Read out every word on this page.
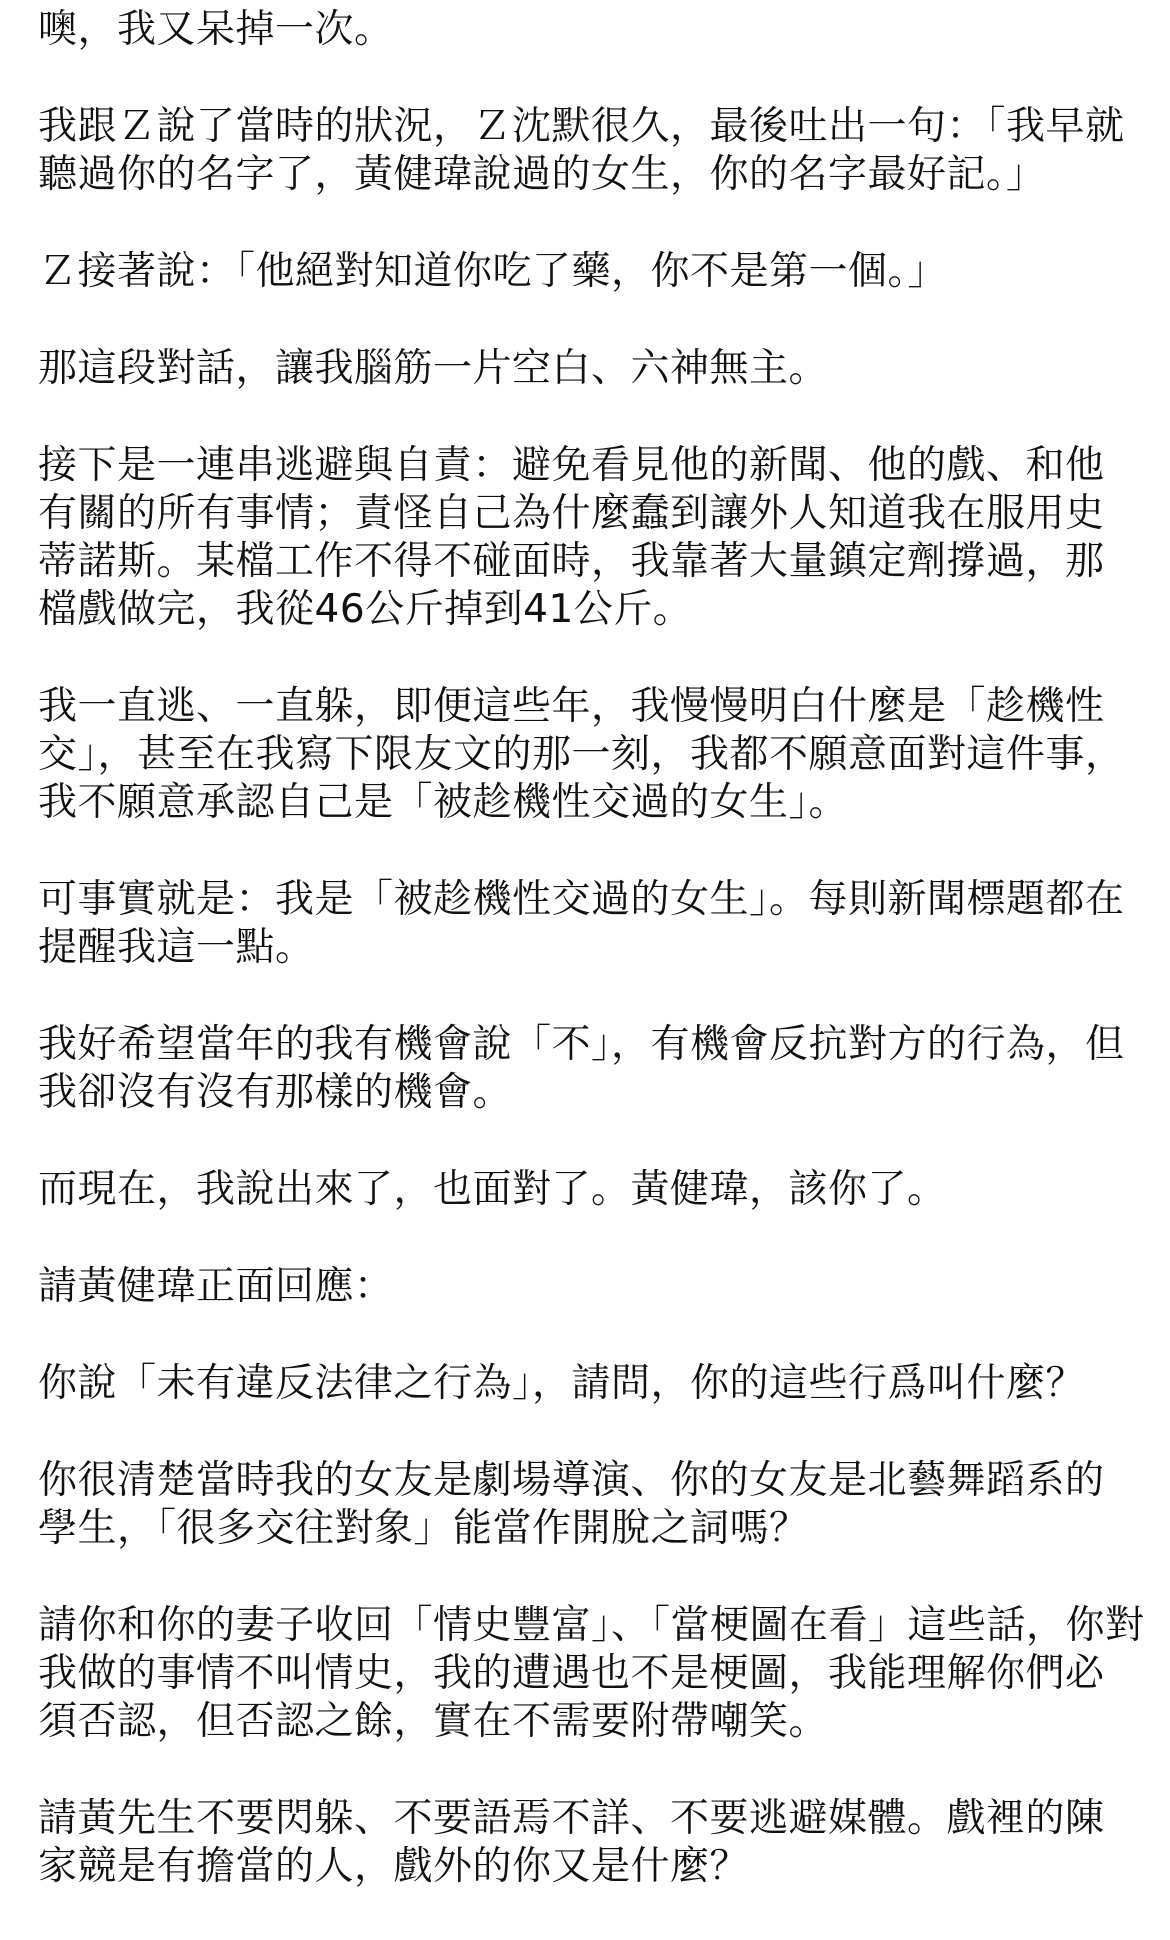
噢，我又呆掉一次。

我跟Ｚ說了當時的狀況，Ｚ沈默很久，最後吐出一句：「我早就
聽過你的名字了，黃健瑋說過的女生，你的名字最好記。」

Ｚ接著說：「他絕對知道你吃了藥，你不是第一個。」

那這段對話，讓我腦筋一片空白、六神無主。

接下是一連串逃避與自責：避免看見他的新聞、他的戲、和他
有關的所有事情；責怪自己為什麼蠢到讓外人知道我在服用史
蒂諾斯。某檔工作不得不碰面時，我靠著大量鎮定劑撐過，那
檔戲做完，我從46公斤掉到41公斤。

我一直逃、一直躲，即便這些年，我慢慢明白什麼是「趁機性
交」，甚至在我寫下限友文的那一刻，我都不願意面對這件事，
我不願意承認自己是「被趁機性交過的女生」。

可事實就是：我是「被趁機性交過的女生」。每則新聞標題都在
提醒我這一點。

我好希望當年的我有機會說「不」，有機會反抗對方的行為，但
我卻沒有沒有那樣的機會。

而現在，我說出來了，也面對了。黃健瑋，該你了。

請黃健瑋正面回應：

你說「未有違反法律之行為」，請問，你的這些行爲叫什麼？

你很清楚當時我的女友是劇場導演、你的女友是北藝舞蹈系的
學生，「很多交往對象」能當作開脫之詞嗎？

請你和你的妻子收回「情史豐富」、「當梗圖在看」這些話，你對
我做的事情不叫情史，我的遭遇也不是梗圖，我能理解你們必
須否認，但否認之餘，實在不需要附帶嘲笑。

請黃先生不要閃躲、不要語焉不詳、不要逃避媒體。戲裡的陳
家競是有擔當的人，戲外的你又是什麼？
